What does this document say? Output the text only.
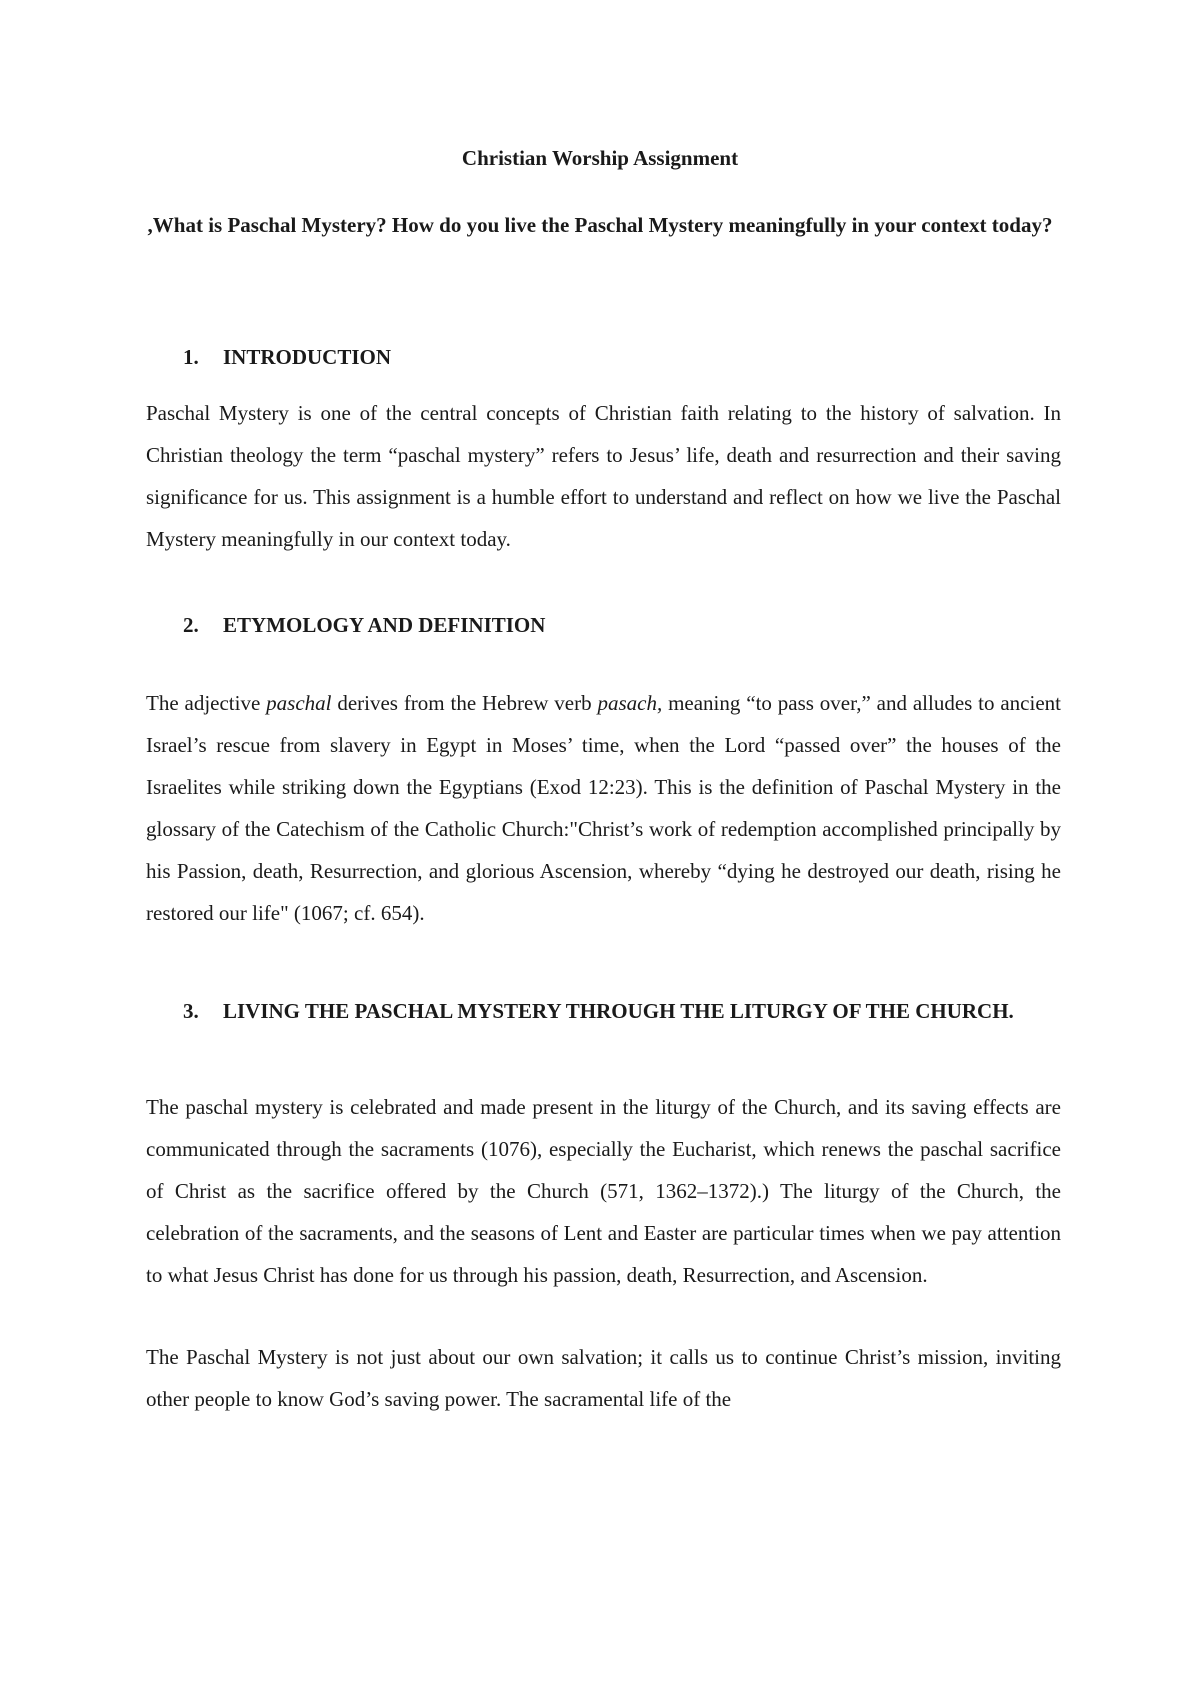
Christian Worship Assignment
,What is Paschal Mystery? How do you live the Paschal Mystery meaningfully in your context today?
1.	INTRODUCTION

Paschal Mystery is one of the central concepts of Christian faith relating to the history of salvation. In Christian theology the term “paschal mystery” refers to Jesus’ life, death and resurrection and their saving significance for us. This assignment is a humble effort to understand and reflect on how we live the Paschal Mystery meaningfully in our context today.

2.	ETYMOLOGY AND DEFINITION

The adjective paschal derives from the Hebrew verb pasach, meaning “to pass over,” and alludes to ancient Israel’s rescue from slavery in Egypt in Moses’ time, when the Lord “passed over” the houses of the Israelites while striking down the Egyptians (Exod 12:23). This is the definition of Paschal Mystery in the glossary of the Catechism of the Catholic Church:"Christ’s work of redemption accomplished principally by his Passion, death, Resurrection, and glorious Ascension, whereby “dying he destroyed our death, rising he restored our life" (1067; cf. 654).

3.	LIVING THE PASCHAL MYSTERY THROUGH THE LITURGY OF THE CHURCH.

The paschal mystery is celebrated and made present in the liturgy of the Church, and its saving effects are communicated through the sacraments (1076), especially the Eucharist, which renews the paschal sacrifice of Christ as the sacrifice offered by the Church (571, 1362–1372).) The liturgy of the Church, the celebration of the sacraments, and the seasons of Lent and Easter are particular times when we pay attention to what Jesus Christ has done for us through his passion, death, Resurrection, and Ascension.

The Paschal Mystery is not just about our own salvation; it calls us to continue Christ’s mission, inviting other people to know God’s saving power. The sacramental life of the
